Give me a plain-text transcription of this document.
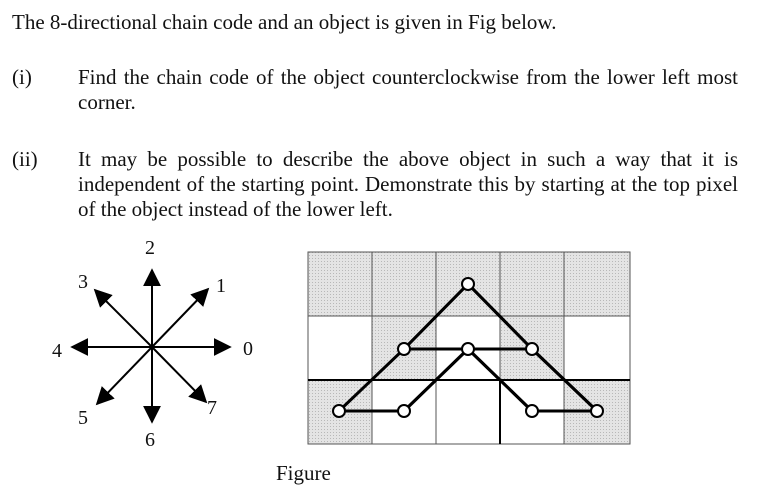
The 8-directional chain code and an object is given in Fig below.
(i) Find the chain code of the object counterclockwise from the lower left most corner.
(ii) It may be possible to describe the above object in such a way that it is independent of the starting point. Demonstrate this by starting at the top pixel of the object instead of the lower left.
0
1
2
3
4
5
6
7
Figure
